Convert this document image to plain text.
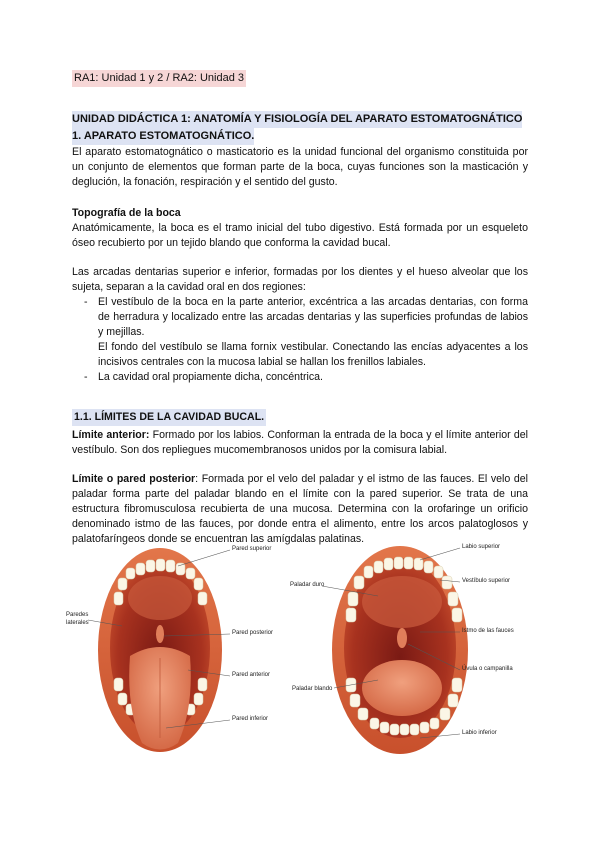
RA1: Unidad 1 y 2 / RA2: Unidad 3
UNIDAD DIDÁCTICA 1: ANATOMÍA Y FISIOLOGÍA DEL APARATO ESTOMATOGNÁTICO
1. APARATO ESTOMATOGNÁTICO.

El aparato estomatognático o masticatorio es la unidad funcional del organismo constituida por un conjunto de elementos que forman parte de la boca, cuyas funciones son la masticación y deglución, la fonación, respiración y el sentido del gusto.

Topografía de la boca

Anatómicamente, la boca es el tramo inicial del tubo digestivo. Está formada por un esqueleto óseo recubierto por un tejido blando que conforma la cavidad bucal.

Las arcadas dentarias superior e inferior, formadas por los dientes y el hueso alveolar que los sujeta, separan a la cavidad oral en dos regiones:

- El vestíbulo de la boca en la parte anterior, excéntrica a las arcadas dentarias, con forma de herradura y localizado entre las arcadas dentarias y las superficies profundas de labios y mejillas.
El fondo del vestíbulo se llama fornix vestibular. Conectando las encías adyacentes a los incisivos centrales con la mucosa labial se hallan los frenillos labiales.
- La cavidad oral propiamente dicha, concéntrica.
1.1. LÍMITES DE LA CAVIDAD BUCAL.

Límite anterior: Formado por los labios. Conforman la entrada de la boca y el límite anterior del vestíbulo. Son dos repliegues mucomembranosos unidos por la comisura labial.

Límite o pared posterior: Formada por el velo del paladar y el istmo de las fauces. El velo del paladar forma parte del paladar blando en el límite con la pared superior. Se trata de una estructura fibromusculosa recubierta de una mucosa. Determina con la orofaringe un orificio denominado istmo de las fauces, por donde entra el alimento, entre los arcos palatoglosos y palatofaríngeos donde se encuentran las amígdalas palatinas.

Pared superior
Paredes
laterales
Pared posterior
Pared anterior
Pared inferior
Labio superior
Paladar duro
Vestíbulo superior
Istmo de las fauces
Úvula o campanilla
Paladar blando
Labio inferior
